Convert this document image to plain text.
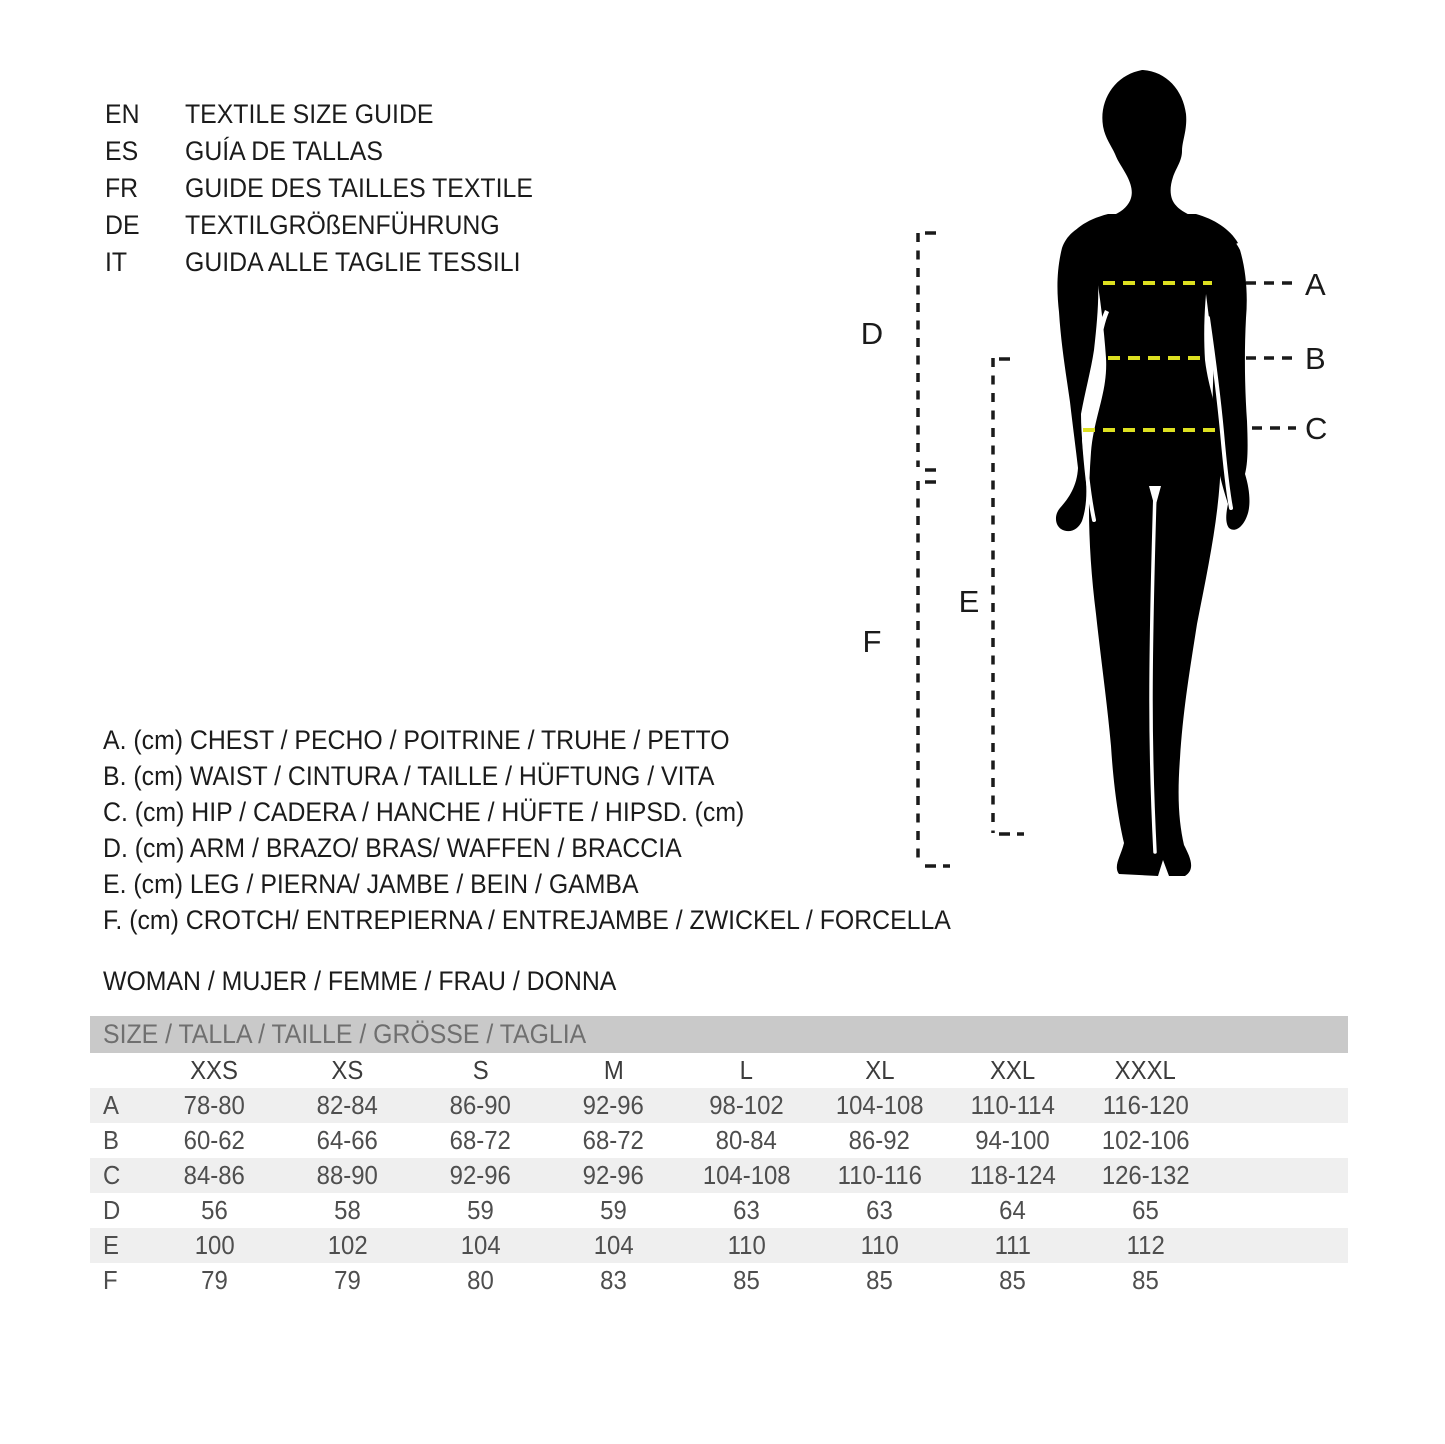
EN	TEXTILE SIZE GUIDE
ES	GUÍA DE TALLAS
FR	GUIDE DES TAILLES TEXTILE
DE	TEXTILGRÖßENFÜHRUNG
IT	GUIDA ALLE TAGLIE TESSILI
A. (cm) CHEST / PECHO / POITRINE / TRUHE / PETTO
B. (cm) WAIST / CINTURA / TAILLE / HÜFTUNG / VITA
C. (cm) HIP / CADERA / HANCHE / HÜFTE / HIPSD. (cm)
D. (cm) ARM / BRAZO/ BRAS/ WAFFEN / BRACCIA
E. (cm) LEG / PIERNA/ JAMBE / BEIN / GAMBA
F. (cm) CROTCH/ ENTREPIERNA / ENTREJAMBE / ZWICKEL / FORCELLA
WOMAN / MUJER / FEMME / FRAU / DONNA
SIZE / TALLA / TAILLE / GRÖSSE / TAGLIA
	XXS	XS	S	M	L	XL	XXL	XXXL	
A	78-80	82-84	86-90	92-96	98-102	104-108	110-114	116-120	
B	60-62	64-66	68-72	68-72	80-84	86-92	94-100	102-106	
C	84-86	88-90	92-96	92-96	104-108	110-116	118-124	126-132	
D	56	58	59	59	63	63	64	65	
E	100	102	104	104	110	110	111	112	
F	79	79	80	83	85	85	85	85	
A
B
C
D
E
F
